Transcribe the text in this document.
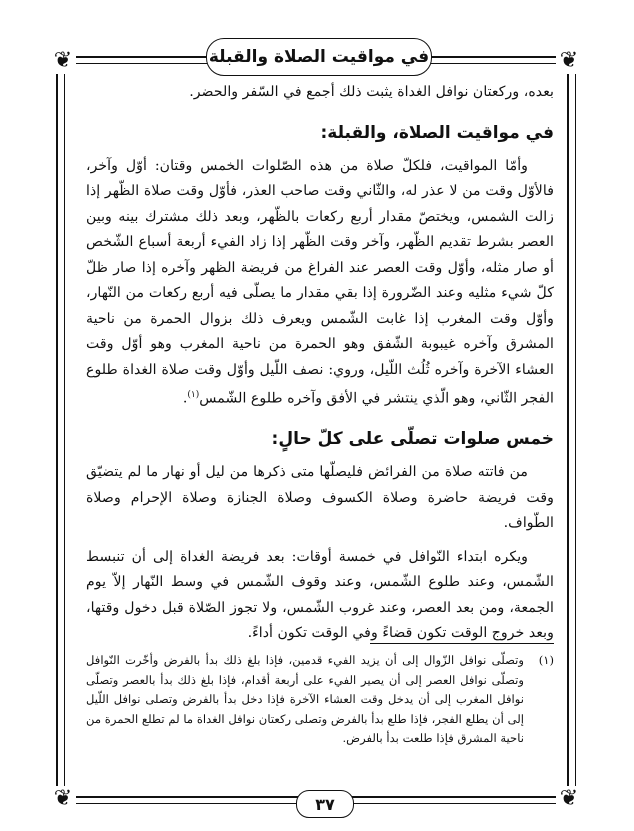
❦	❦
❦	❦
في مواقيت الصلاة والقبلة

بعده، وركعتان نوافل الغداة يثبت ذلك أجمع في السّفر والحضر.

في مواقيت الصلاة، والقبلة:

وأمّا المواقيت، فلكلّ صلاة من هذه الصّلوات الخمس وقتان: أوّل وآخر، فالأوّل وقت من لا عذر له، والثّاني وقت صاحب العذر، فأوّل وقت صلاة الظّهر إذا زالت الشمس، ويختصّ مقدار أربع ركعات بالظّهر، وبعد ذلك مشترك بينه وبين العصر بشرط تقديم الظّهر، وآخر وقت الظّهر إذا زاد الفيء أربعة أسباع الشّخص أو صار مثله، وأوّل وقت العصر عند الفراغ من فريضة الظهر وآخره إذا صار ظلّ كلّ شيء مثليه وعند الضّرورة إذا بقي مقدار ما يصلّى فيه أربع ركعات من النّهار، وأوّل وقت المغرب إذا غابت الشّمس ويعرف ذلك بزوال الحمرة من ناحية المشرق وآخره غيبوبة الشّفق وهو الحمرة من ناحية المغرب وهو أوّل وقت العشاء الآخرة وآخره ثُلُث اللّيل، وروي: نصف اللّيل وأوّل وقت صلاة الغداة طلوع الفجر الثّاني، وهو الّذي ينتشر في الأفق وآخره طلوع الشّمس$^{(١)}$.

خمس صلوات تصلّى على كلّ حالٍ:

من فاتته صلاة من الفرائض فليصلّها متى ذكرها من ليل أو نهار ما لم يتضيّق وقت فريضة حاضرة وصلاة الكسوف وصلاة الجنازة وصلاة الإحرام وصلاة الطّواف.

ويكره ابتداء النّوافل في خمسة أوقات: بعد فريضة الغداة إلى أن تنبسط الشّمس، وعند طلوع الشّمس، وعند وقوف الشّمس في وسط النّهار إلاّ يوم الجمعة، ومن بعد العصر، وعند غروب الشّمس، ولا تجوز الصّلاة قبل دخول وقتها، وبعد خروج الوقت تكون قضاءً وفي الوقت تكون أداءً.

(١)
وتصلّى نوافل الزّوال إلى أن يزيد الفيء قدمين، فإذا بلغ ذلك بدأ بالفرض وأخّرت النّوافل وتصلّى نوافل العصر إلى أن يصير الفيء على أربعة أقدام، فإذا بلغ ذلك بدأ بالعصر وتصلّى نوافل المغرب إلى أن يدخل وقت العشاء الآخرة فإذا دخل بدأ بالفرض وتصلى نوافل اللّيل إلى أن يطلع الفجر، فإذا طلع بدأ بالفرض وتصلى ركعتان نوافل الغداة ما لم تطلع الحمرة من ناحية المشرق فإذا طلعت بدأ بالفرض.
٣٧
